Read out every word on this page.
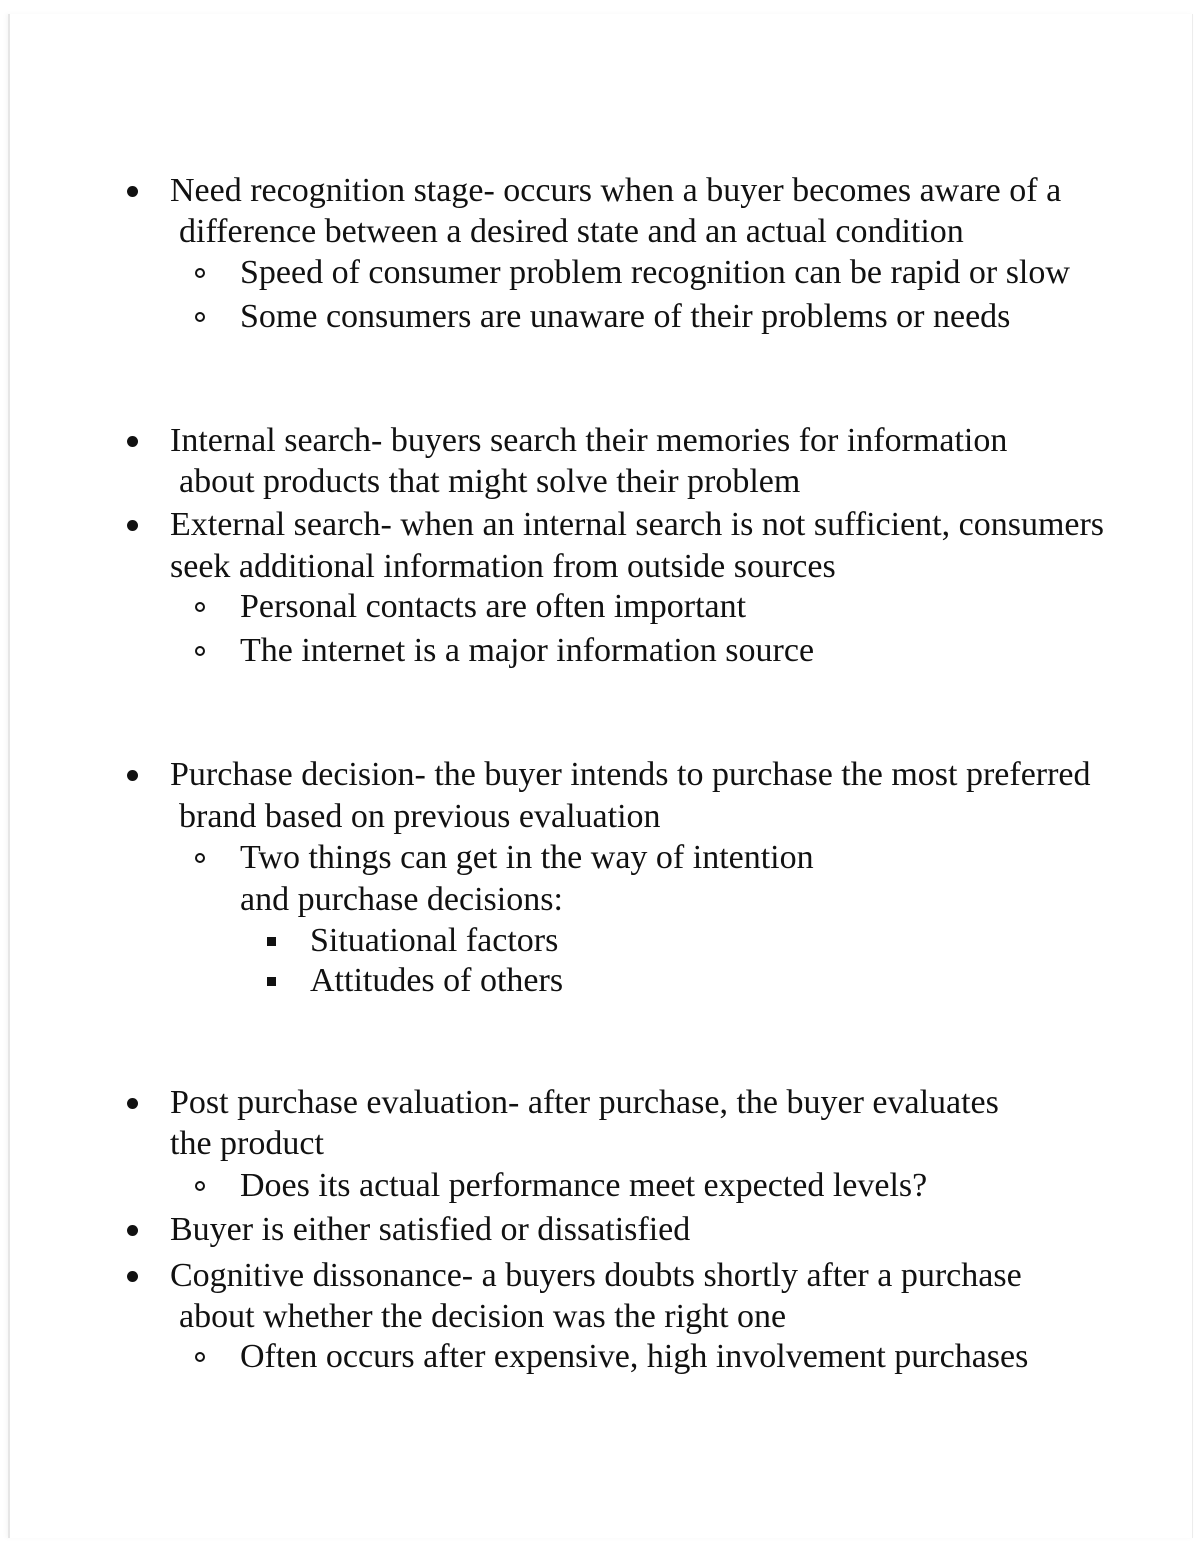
Need recognition stage- occurs when a buyer becomes aware of a

difference between a desired state and an actual condition

Speed of consumer problem recognition can be rapid or slow

Some consumers are unaware of their problems or needs

Internal search- buyers search their memories for information

about products that might solve their problem

External search- when an internal search is not sufficient, consumers

seek additional information from outside sources

Personal contacts are often important

The internet is a major information source

Purchase decision- the buyer intends to purchase the most preferred

brand based on previous evaluation

Two things can get in the way of intention

and purchase decisions:

Situational factors

Attitudes of others

Post purchase evaluation- after purchase, the buyer evaluates

the product

Does its actual performance meet expected levels?

Buyer is either satisfied or dissatisfied

Cognitive dissonance- a buyers doubts shortly after a purchase

about whether the decision was the right one

Often occurs after expensive, high involvement purchases
